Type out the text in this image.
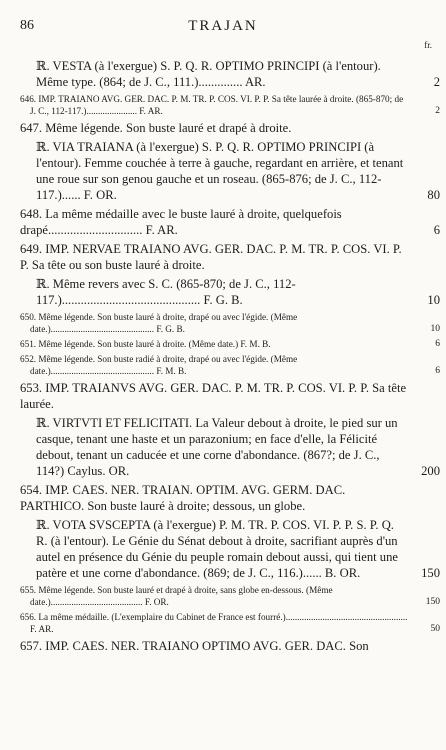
86	TRAJAN
fr.
ℝ. VESTA (à l'exergue) S. P. Q. R. OPTIMO PRINCIPI (à l'entour). Même type. (864; de J. C., 111.).............. AR.	2
646. IMP. TRAIANO AVG. GER. DAC. P. M. TR. P. COS. VI. P. P. Sa tête laurée à droite. (865-870; de J. C., 112-117.)...................... F. AR.	2
647. Même légende. Son buste lauré et drapé à droite.
ℝ. VIA TRAIANA (à l'exergue) S. P. Q. R. OPTIMO PRINCIPI (à l'entour). Femme couchée à terre à gauche, regardant en arrière, et tenant une roue sur son genou gauche et un roseau. (865-876; de J. C., 112-117.)...... F. OR.	80
648. La même médaille avec le buste lauré à droite, quelquefois drapé.............................. F. AR.	6
649. IMP. NERVAE TRAIANO AVG. GER. DAC. P. M. TR. P. COS. VI. P. P. Sa tête ou son buste lauré à droite.
ℝ. Même revers avec S. C. (865-870; de J. C., 112-117.)............................................ F. G. B.	10
650. Même légende. Son buste lauré à droite, drapé ou avec l'égide. (Même date.)............................................. F. G. B.	10
651. Même légende. Son buste lauré à droite. (Même date.) F. M. B.	6
652. Même légende. Son buste radié à droite, drapé ou avec l'égide. (Même date.)............................................. F. M. B.	6
653. IMP. TRAIANVS AVG. GER. DAC. P. M. TR. P. COS. VI. P. P. Sa tête laurée.
ℝ. VIRTVTI ET FELICITATI. La Valeur debout à droite, le pied sur un casque, tenant une haste et un parazonium; en face d'elle, la Félicité debout, tenant un caducée et une corne d'abondance. (867?; de J. C., 114?) Caylus. OR.	200
654. IMP. CAES. NER. TRAIAN. OPTIM. AVG. GERM. DAC. PARTHICO. Son buste lauré à droite; dessous, un globe.
ℝ. VOTA SVSCEPTA (à l'exergue) P. M. TR. P. COS. VI. P. P. S. P. Q. R. (à l'entour). Le Génie du Sénat debout à droite, sacrifiant auprès d'un autel en présence du Génie du peuple romain debout aussi, qui tient une patère et une corne d'abondance. (869; de J. C., 116.)...... B. OR.	150
655. Même légende. Son buste lauré et drapé à droite, sans globe en-dessous. (Même date.)........................................ F. OR.	150
656. La même médaille. (L'exemplaire du Cabinet de France est fourré.)..................................................... F. AR.	50
657. IMP. CAES. NER. TRAIANO OPTIMO AVG. GER. DAC. Son
